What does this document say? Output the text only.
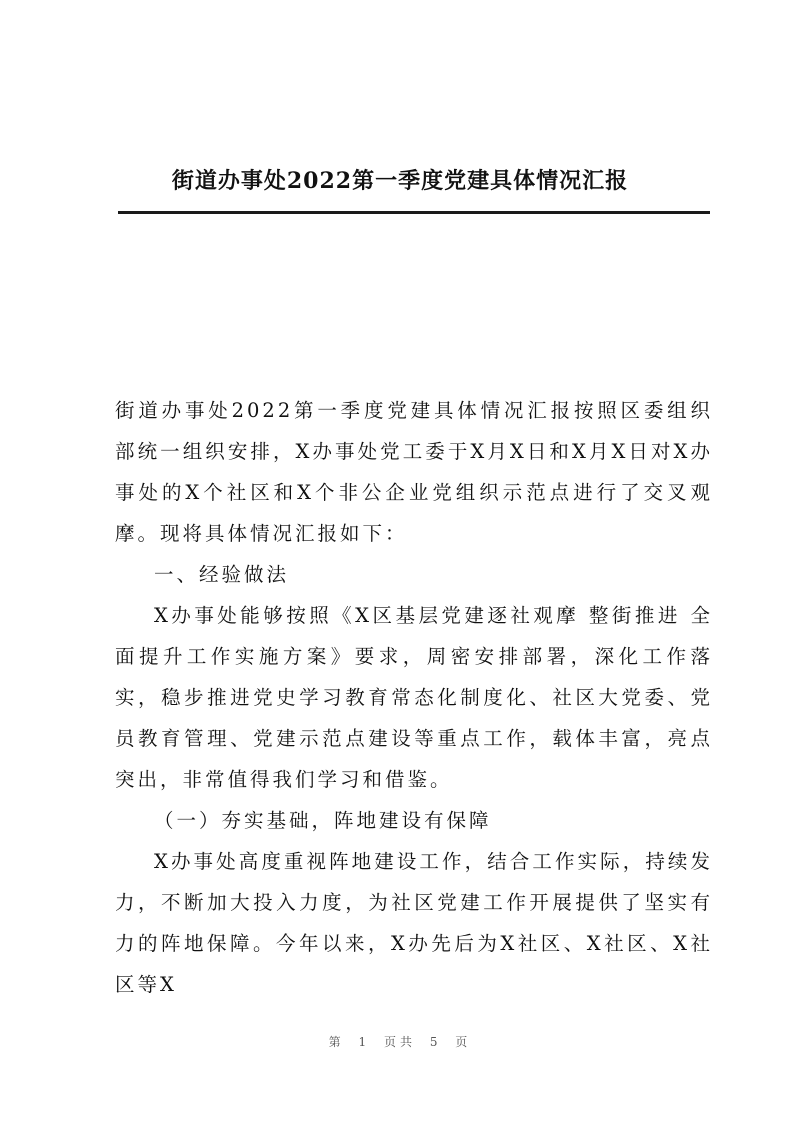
街道办事处2022第一季度党建具体情况汇报

街道办事处2022第一季度党建具体情况汇报按照区委组织部统一组织安排，X办事处党工委于X月X日和X月X日对X办事处的X个社区和X个非公企业党组织示范点进行了交叉观摩。现将具体情况汇报如下：

一、经验做法

X办事处能够按照《X区基层党建逐社观摩 整街推进 全面提升工作实施方案》要求，周密安排部署，深化工作落实，稳步推进党史学习教育常态化制度化、社区大党委、党员教育管理、党建示范点建设等重点工作，载体丰富，亮点突出，非常值得我们学习和借鉴。

（一）夯实基础，阵地建设有保障

X办事处高度重视阵地建设工作，结合工作实际，持续发力，不断加大投入力度，为社区党建工作开展提供了坚实有力的阵地保障。今年以来，X办先后为X社区、X社区、X社区等X

第 1 页共 5 页
